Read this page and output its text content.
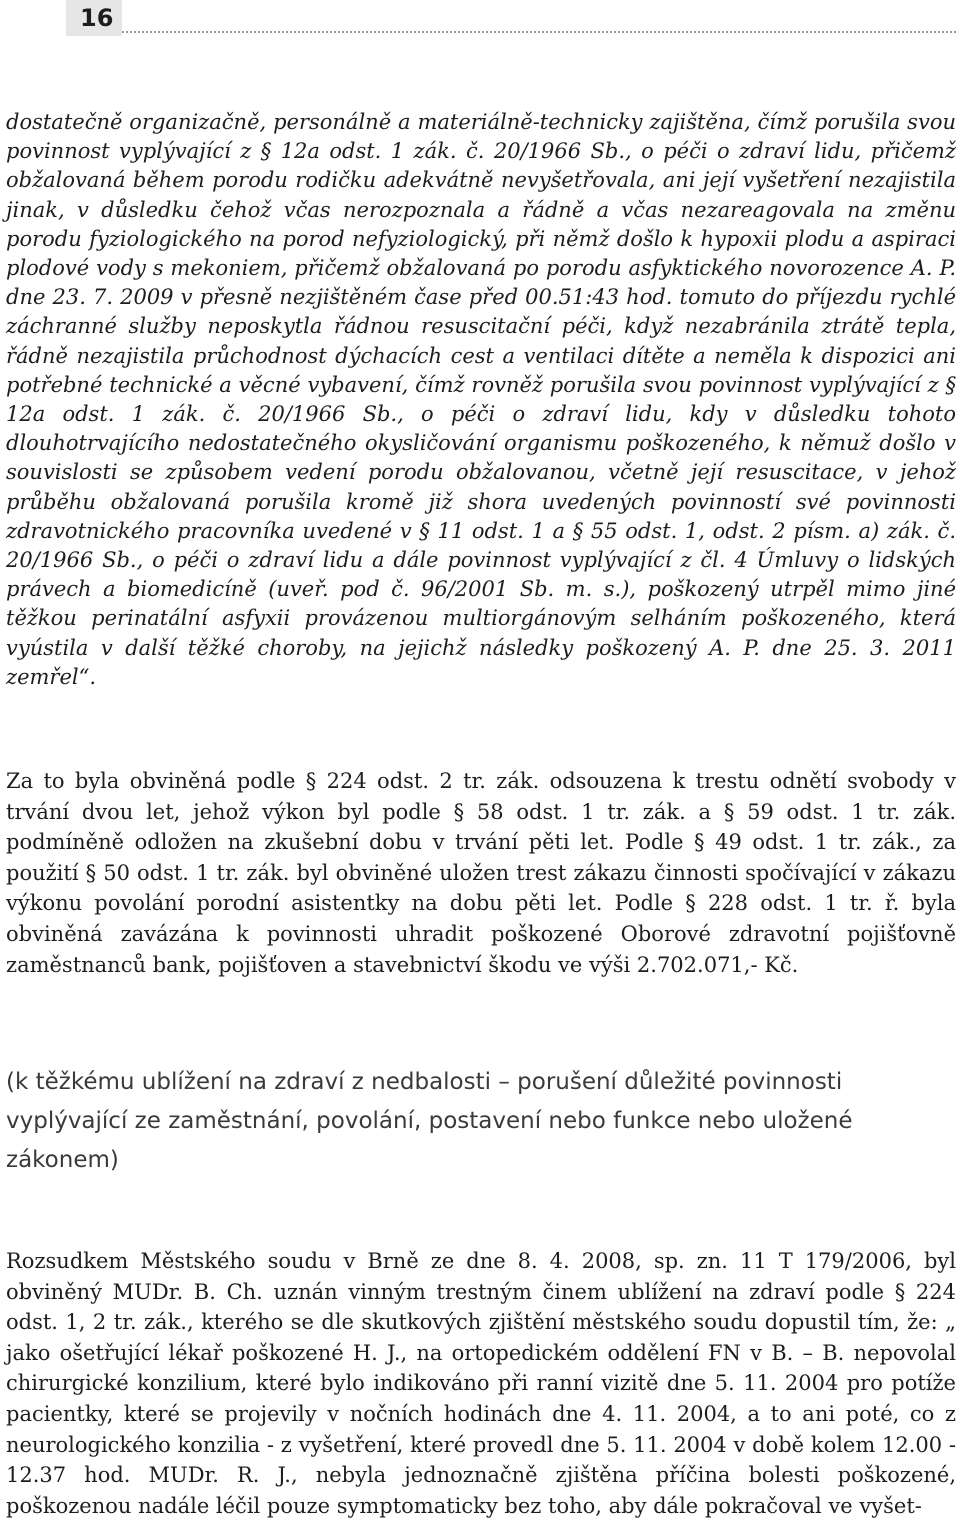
16
dostatečně organizačně, personálně a materiálně-technicky zajištěna, čímž porušila svou povinnost vyplývající z § 12a odst. 1 zák. č. 20/1966 Sb., o péči o zdraví lidu, přičemž obžalovaná během porodu rodičku adekvátně nevyšetřovala, ani její vyšetření nezajistila jinak, v důsledku čehož včas nerozpoznala a řádně a včas nezareagovala na změnu porodu fyziologického na porod nefyziologický, při němž došlo k hypoxii plodu a aspiraci plodové vody s mekoniem, přičemž obžalovaná po porodu asfyktického novorozence A. P. dne 23. 7. 2009 v přesně nezjištěném čase před 00.51:43 hod. tomuto do příjezdu rychlé záchranné služby neposkytla řádnou resuscitační péči, když nezabránila ztrátě tepla, řádně nezajistila průchodnost dýchacích cest a ventilaci dítěte a neměla k dispozici ani potřebné technické a věcné vybavení, čímž rovněž porušila svou povinnost vyplývající z § 12a odst. 1 zák. č. 20/1966 Sb., o péči o zdraví lidu, kdy v důsledku tohoto dlouhotrvajícího nedostatečného okysličování organismu poškozeného, k němuž došlo v souvislosti se způsobem vedení porodu obžalovanou, včetně její resuscitace, v jehož průběhu obžalovaná porušila kromě již shora uvedených povinností své povinnosti zdravotnického pracovníka uvedené v § 11 odst. 1 a § 55 odst. 1, odst. 2 písm. a) zák. č. 20/1966 Sb., o péči o zdraví lidu a dále povinnost vyplývající z čl. 4 Úmluvy o lidských právech a biomedicíně (uveř. pod č. 96/2001 Sb. m. s.), poškozený utrpěl mimo jiné těžkou perinatální asfyxii provázenou multiorgánovým selháním poškozeného, která vyústila v další těžké choroby, na jejichž následky poškozený A. P. dne 25. 3. 2011 zemřel“.
Za to byla obviněná podle § 224 odst. 2 tr. zák. odsouzena k trestu odnětí svobody v trvání dvou let, jehož výkon byl podle § 58 odst. 1 tr. zák. a § 59 odst. 1 tr. zák. podmíněně odložen na zkušební dobu v trvání pěti let. Podle § 49 odst. 1 tr. zák., za použití § 50 odst. 1 tr. zák. byl obviněné uložen trest zákazu činnosti spočívající v zákazu výkonu povolání porodní asistentky na dobu pěti let. Podle § 228 odst. 1 tr. ř. byla obviněná zavázána k povinnosti uhradit poškozené Oborové zdravotní pojišťovně zaměstnanců bank, pojišťoven a stavebnictví škodu ve výši 2.702.071,- Kč.
(k těžkému ublížení na zdraví z nedbalosti – porušení důležité povinnosti vyplývající ze zaměstnání, povolání, postavení nebo funkce nebo uložené zákonem)
Rozsudkem Městského soudu v Brně ze dne 8. 4. 2008, sp. zn. 11 T 179/2006, byl obviněný MUDr. B. Ch. uznán vinným trestným činem ublížení na zdraví podle § 224 odst. 1, 2 tr. zák., kterého se dle skutkových zjištění městského soudu dopustil tím, že: „ jako ošetřující lékař poškozené H. J., na ortopedickém oddělení FN v B. – B. nepovolal chirurgické konzilium, které bylo indikováno při ranní vizitě dne 5. 11. 2004 pro potíže pacientky, které se projevily v nočních hodinách dne 4. 11. 2004, a to ani poté, co z neurologického konzilia - z vyšetření, které provedl dne 5. 11. 2004 v době kolem 12.00 - 12.37 hod. MUDr. R. J., nebyla jednoznačně zjištěna příčina bolesti poškozené, poškozenou nadále léčil pouze symptomaticky bez toho, aby dále pokračoval ve vyšet-
